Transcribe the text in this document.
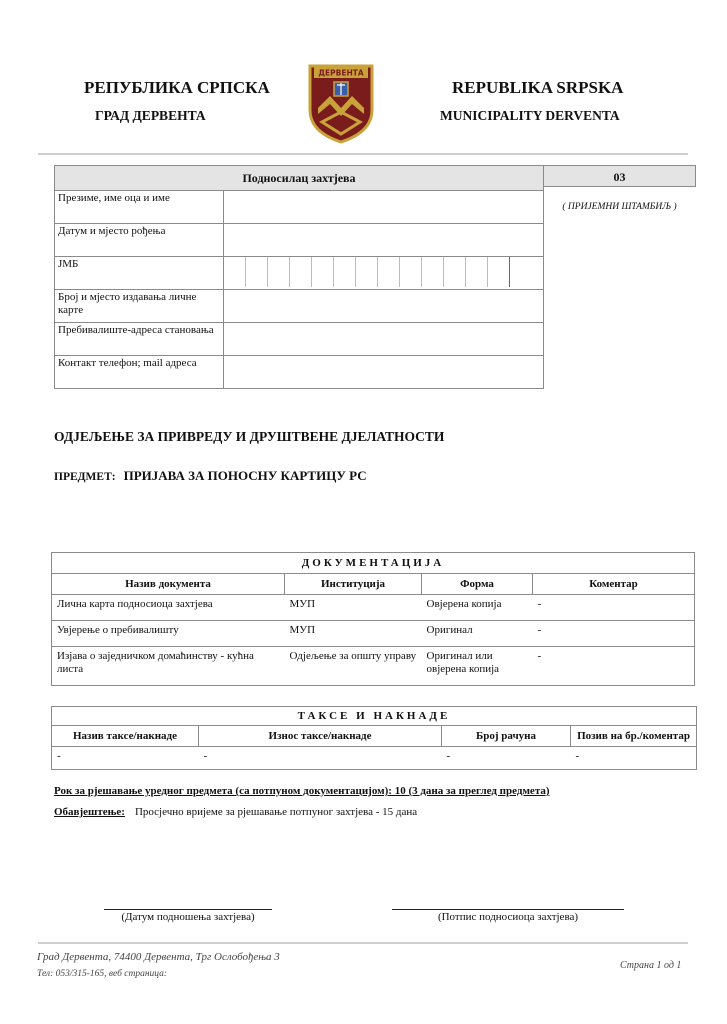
РЕПУБЛИКА СРПСКА
ГРАД ДЕРВЕНТА
REPUBLIKA SRPSKA
MUNICIPALITY DERVENTA
ДЕРВЕНТА
Подносилац захтјева	
Презиме, име оца и име	
Датум и мјесто рођења	
ЈМБ	

Број и мјесто издавања личне карте	
Пребивалиште-адреса становања	
Контакт телефон; mail адреса	
03
( ПРИЈЕМНИ ШТАМБИЉ )
ОДЈЕЉЕЊЕ ЗА ПРИВРЕДУ И ДРУШТВЕНЕ ДЈЕЛАТНОСТИ
ПРЕДМЕТ: ПРИЈАВА ЗА ПОНОСНУ КАРТИЦУ РС
ДОКУМЕНТАЦИЈА			
Назив документа	Институција	Форма	Коментар
Лична карта подносиоца захтјева	МУП	Овјерена копија	-
Увјерење о пребивалишту	МУП	Оригинал	-
Изјава о заједничком домаћинству - кућна листа	Одјељење за општу управу	Оригинал или овјерена копија	-
ТАКСЕ И НАКНАДЕ			
Назив таксе/накнаде	Износ таксе/накнаде	Број рачуна	Позив на бр./коментар
-	-	-	-
Рок за рјешавање уредног предмета (са потпуном документацијом): 10 (3 дана за преглед предмета)
Обавјештење: Просјечно вријеме за рјешавање потпуног захтјева - 15 дана
(Датум подношења захтјева)	(Потпис подносиоца захтјева)
Град Дервента, 74400 Дервента, Трг Ослобођења 3
Тел: 053/315-165, веб страница:
Страна 1 од 1
